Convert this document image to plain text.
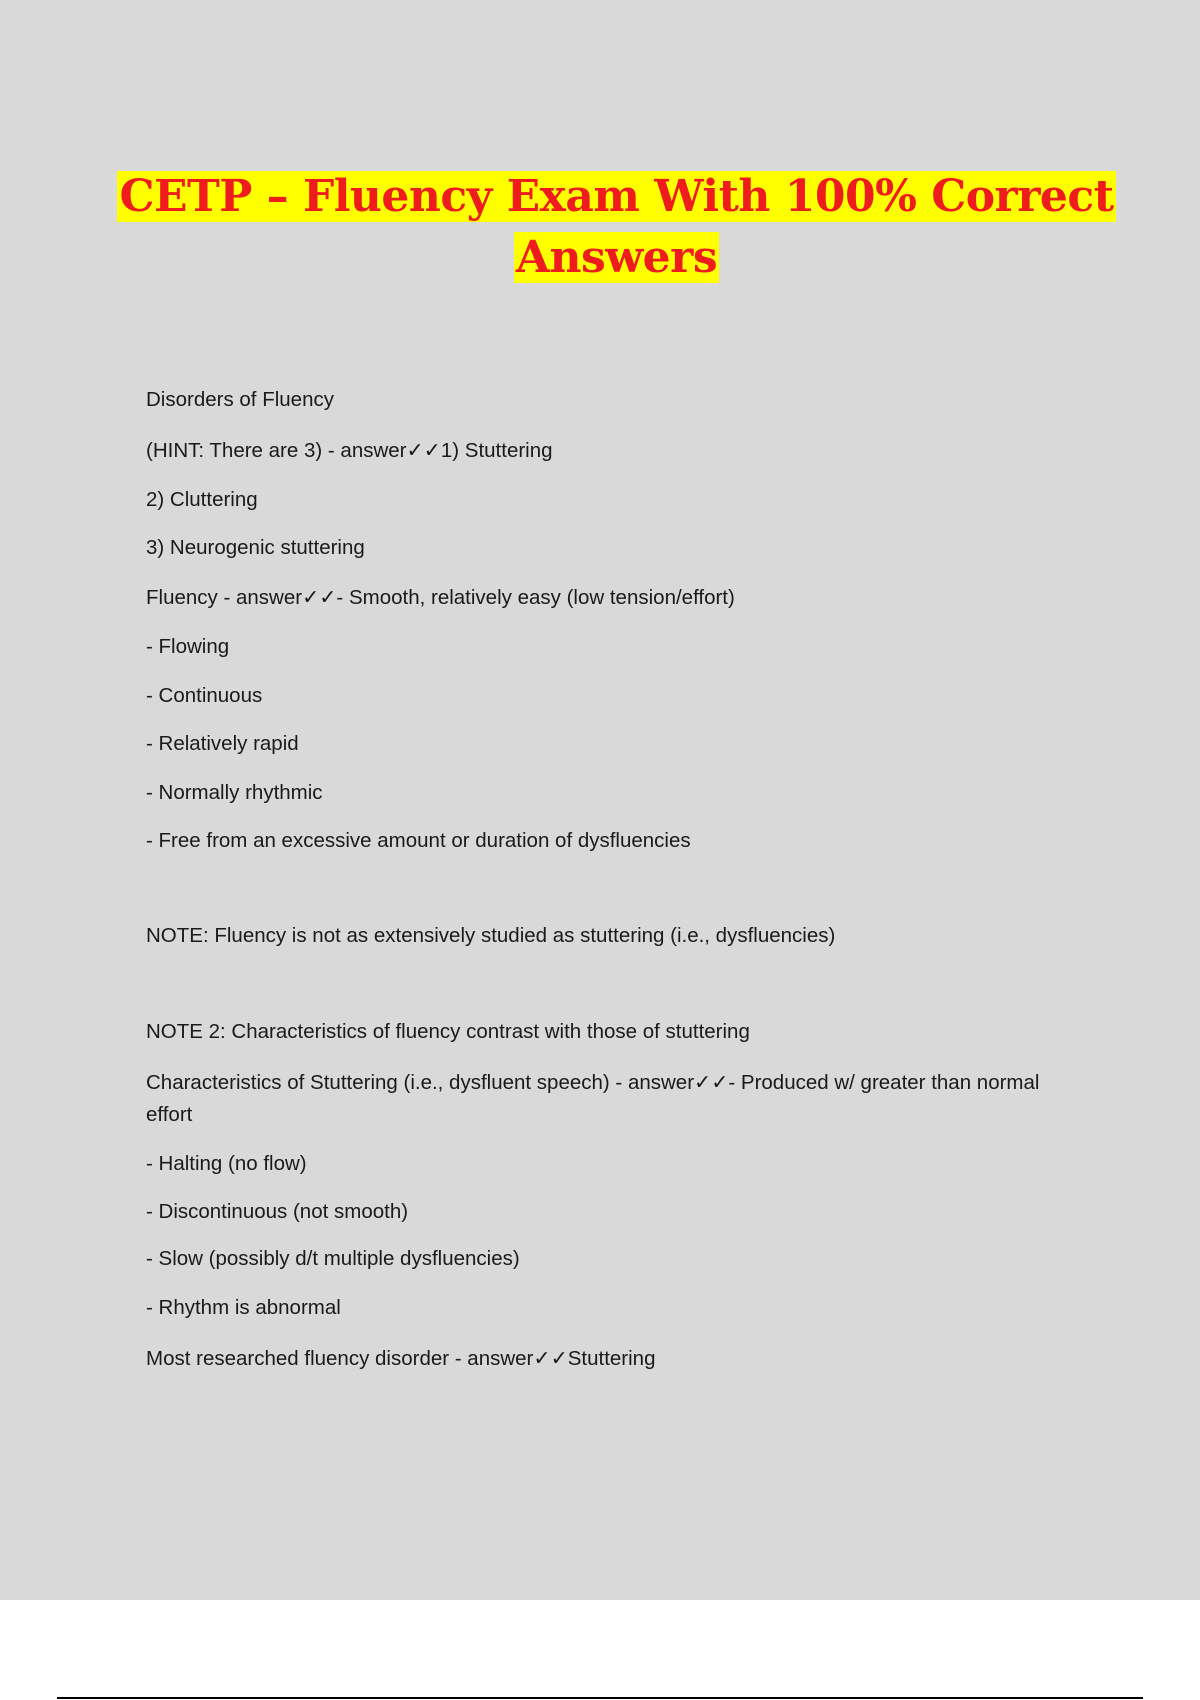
CETP – Fluency Exam With 100% Correct
Answers
Disorders of Fluency
(HINT: There are 3) - answer✓✓1) Stuttering
2) Cluttering
3) Neurogenic stuttering
Fluency - answer✓✓- Smooth, relatively easy (low tension/effort)
- Flowing
- Continuous
- Relatively rapid
- Normally rhythmic
- Free from an excessive amount or duration of dysfluencies
NOTE: Fluency is not as extensively studied as stuttering (i.e., dysfluencies)
NOTE 2: Characteristics of fluency contrast with those of stuttering
Characteristics of Stuttering (i.e., dysfluent speech) - answer✓✓- Produced w/ greater than normal effort
- Halting (no flow)
- Discontinuous (not smooth)
- Slow (possibly d/t multiple dysfluencies)
- Rhythm is abnormal
Most researched fluency disorder - answer✓✓Stuttering
